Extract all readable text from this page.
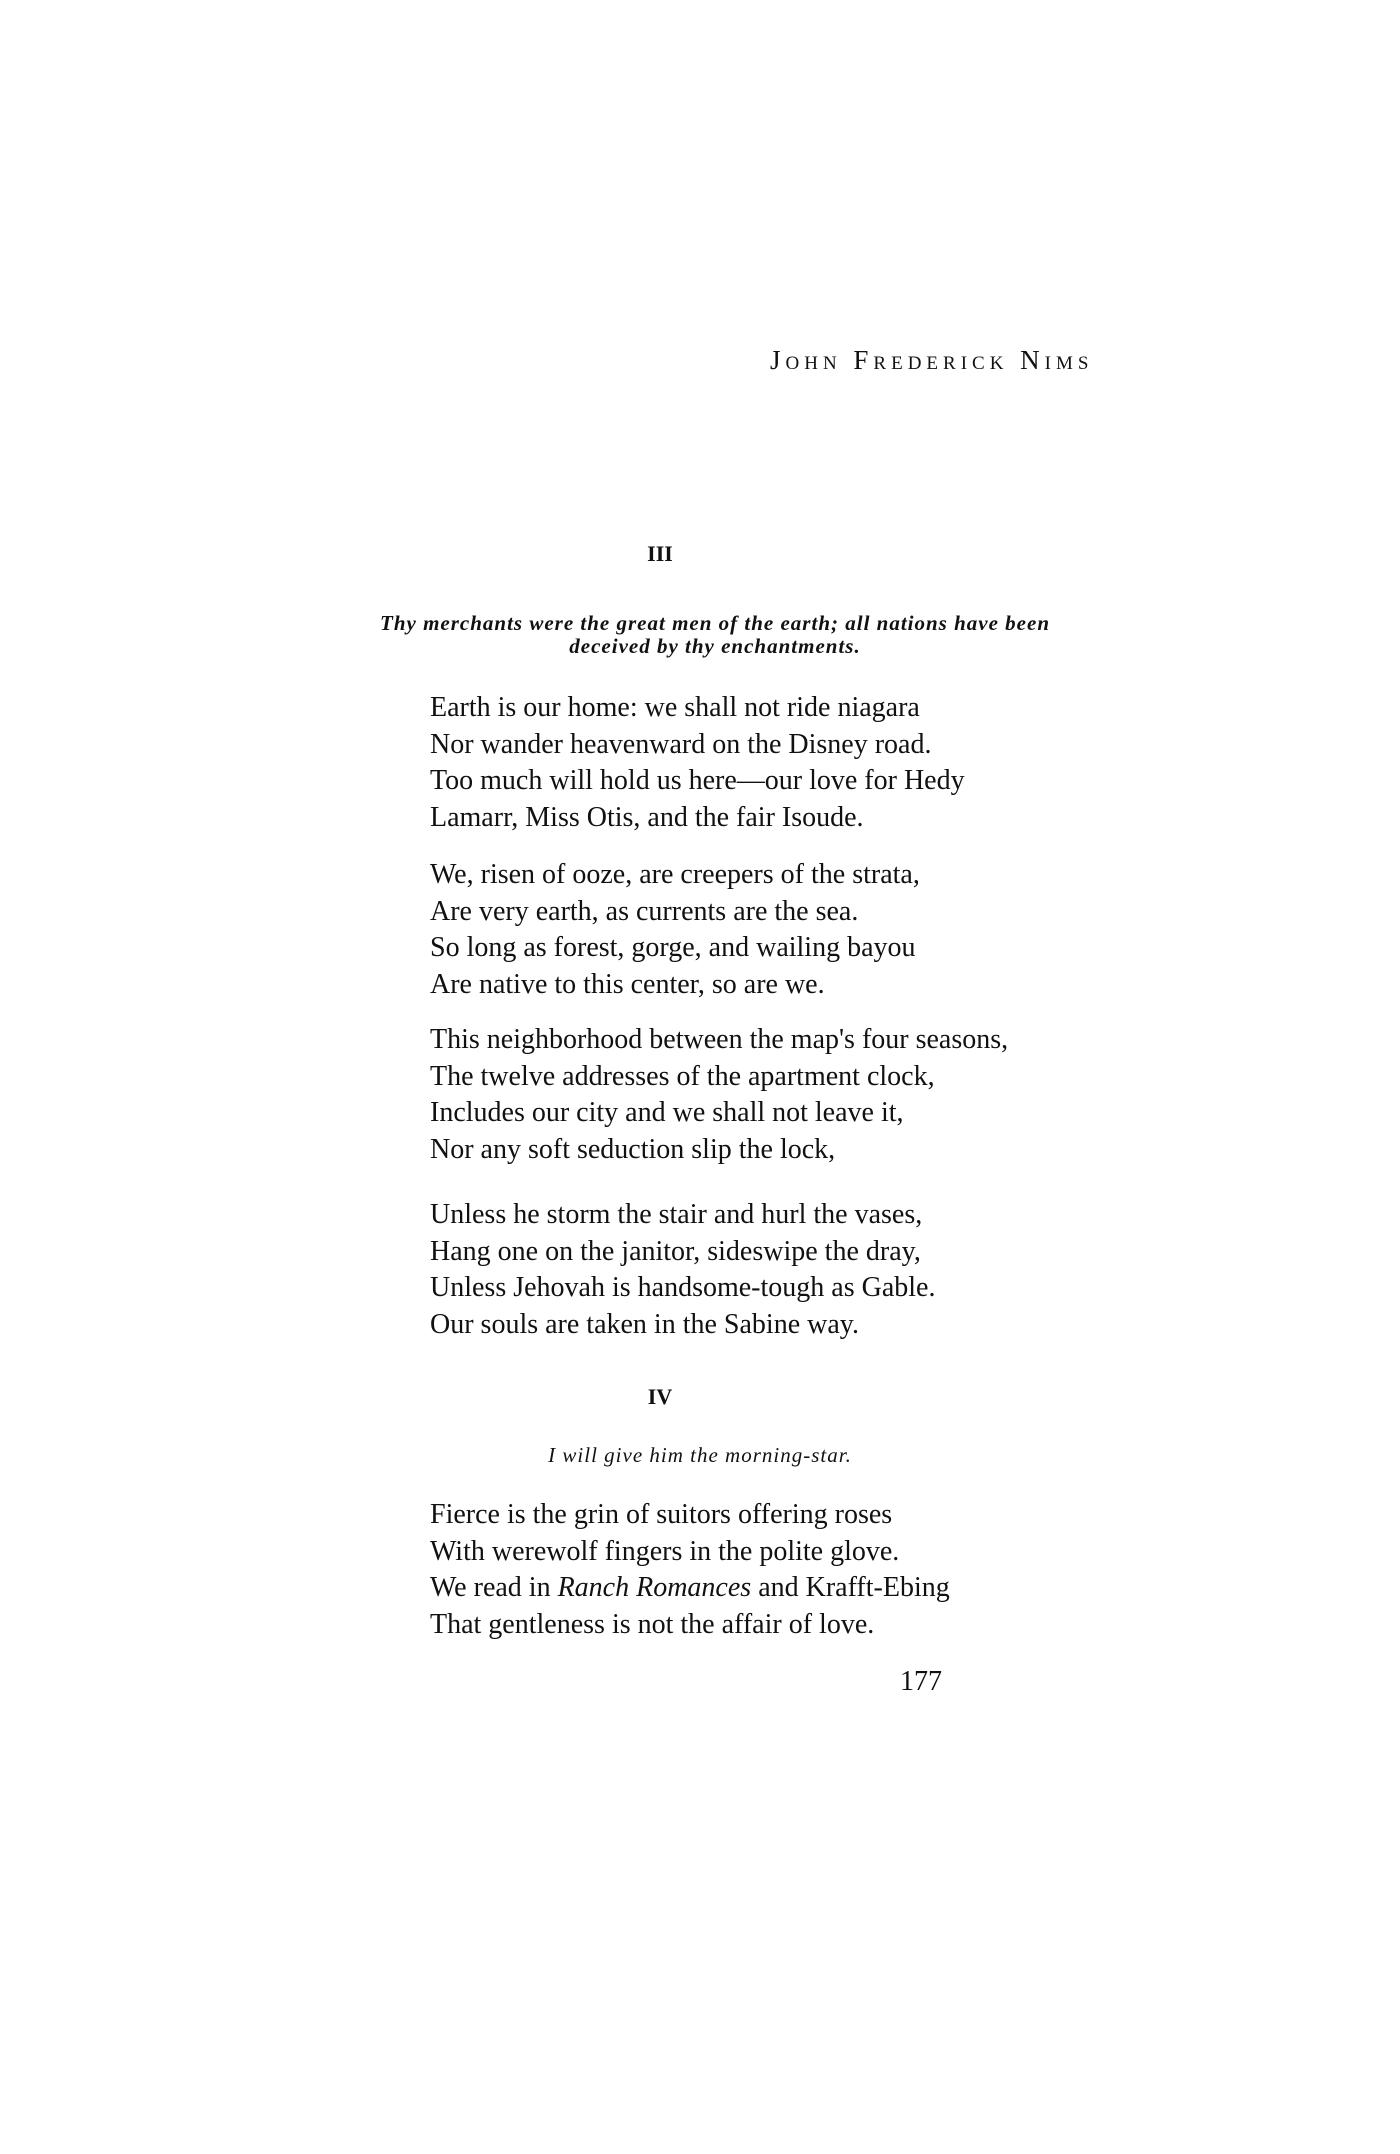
John Frederick Nims
III
Thy merchants were the great men of the earth; all nations have been
deceived by thy enchantments.
Earth is our home: we shall not ride niagara
Nor wander heavenward on the Disney road.
Too much will hold us here—our love for Hedy
Lamarr, Miss Otis, and the fair Isoude.
We, risen of ooze, are creepers of the strata,
Are very earth, as currents are the sea.
So long as forest, gorge, and wailing bayou
Are native to this center, so are we.
This neighborhood between the map's four seasons,
The twelve addresses of the apartment clock,
Includes our city and we shall not leave it,
Nor any soft seduction slip the lock,
Unless he storm the stair and hurl the vases,
Hang one on the janitor, sideswipe the dray,
Unless Jehovah is handsome-tough as Gable.
Our souls are taken in the Sabine way.
IV
I will give him the morning-star.
Fierce is the grin of suitors offering roses
With werewolf fingers in the polite glove.
We read in Ranch Romances and Krafft-Ebing
That gentleness is not the affair of love.
177
